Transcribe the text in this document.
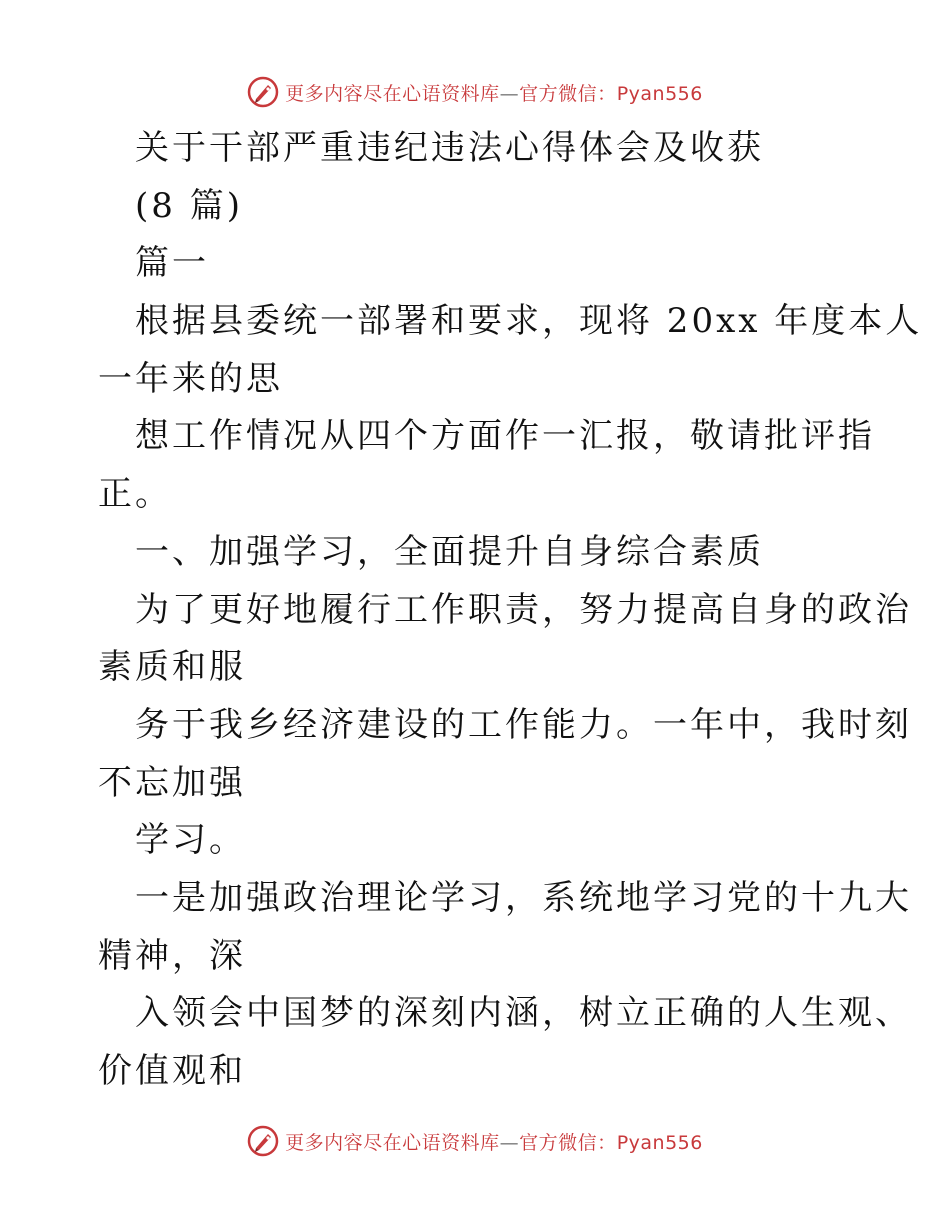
更多内容尽在心语资料库—官方微信：Pyan556
关于干部严重违纪违法心得体会及收获
(8 篇)
篇一
根据县委统一部署和要求，现将 20xx 年度本人
一年来的思
想工作情况从四个方面作一汇报，敬请批评指
正。
一、加强学习，全面提升自身综合素质
为了更好地履行工作职责，努力提高自身的政治
素质和服
务于我乡经济建设的工作能力。一年中，我时刻
不忘加强
学习。
一是加强政治理论学习，系统地学习党的十九大
精神，深
入领会中国梦的深刻内涵，树立正确的人生观、
价值观和
更多内容尽在心语资料库—官方微信：Pyan556
